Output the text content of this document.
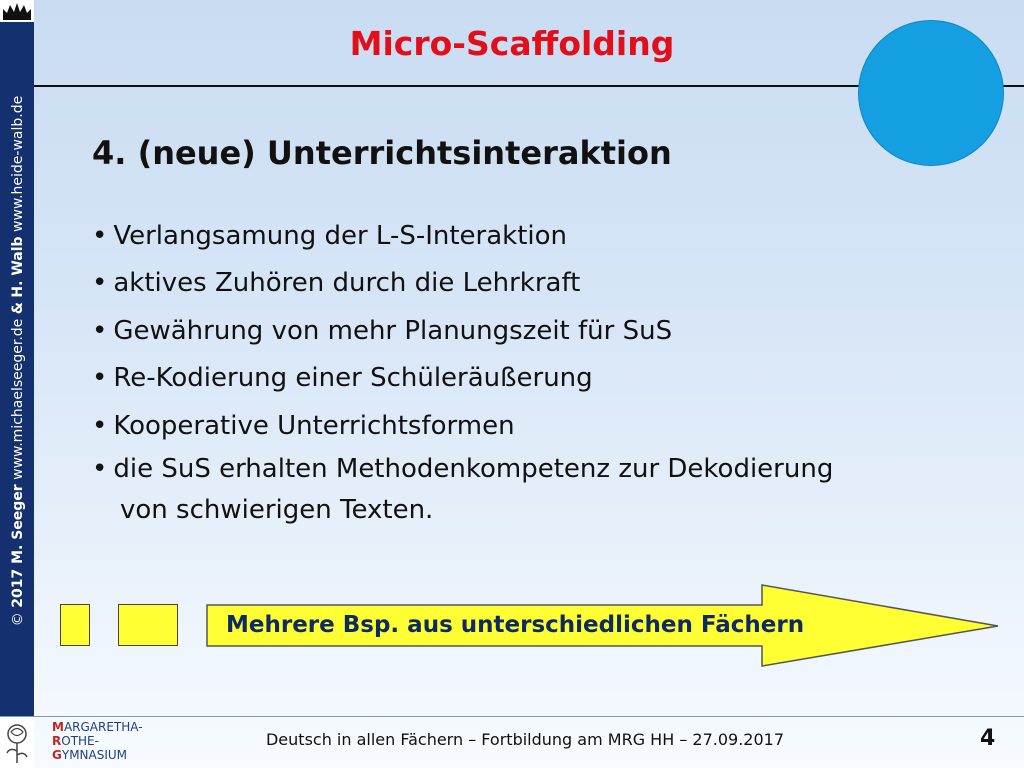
© 2017 M. Seeger www.michaelseeger.de & H. Walb www.heide-walb.de
Micro-Scaffolding
4. (neue) Unterrichtsinteraktion
• Verlangsamung der L-S-Interaktion
• aktives Zuhören durch die Lehrkraft
• Gewährung von mehr Planungszeit für SuS
• Re-Kodierung einer Schüleräußerung
• Kooperative Unterrichtsformen
• die SuS erhalten Methodenkompetenz zur Dekodierung
von schwierigen Texten.
Mehrere Bsp. aus unterschiedlichen Fächern
MARGARETHA-
ROTHE-
GYMNASIUM
Deutsch in allen Fächern – Fortbildung am MRG HH – 27.09.2017	4
